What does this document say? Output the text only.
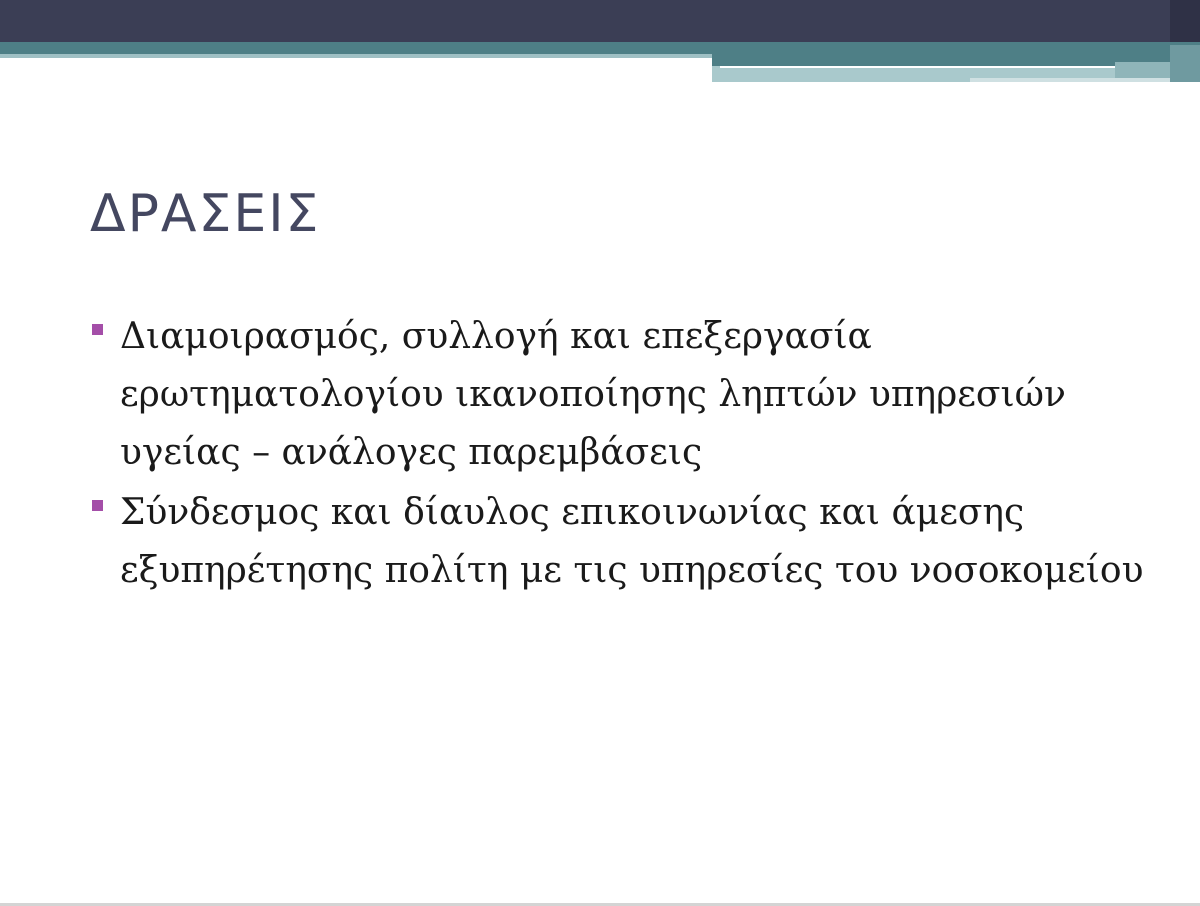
ΔΡΑΣΕΙΣ
Διαμοιρασμός, συλλογή και επεξεργασία ερωτηματολογίου ικανοποίησης ληπτών υπηρεσιών υγείας – ανάλογες παρεμβάσεις
Σύνδεσμος και δίαυλος επικοινωνίας και άμεσης εξυπηρέτησης πολίτη με τις υπηρεσίες του νοσοκομείου
